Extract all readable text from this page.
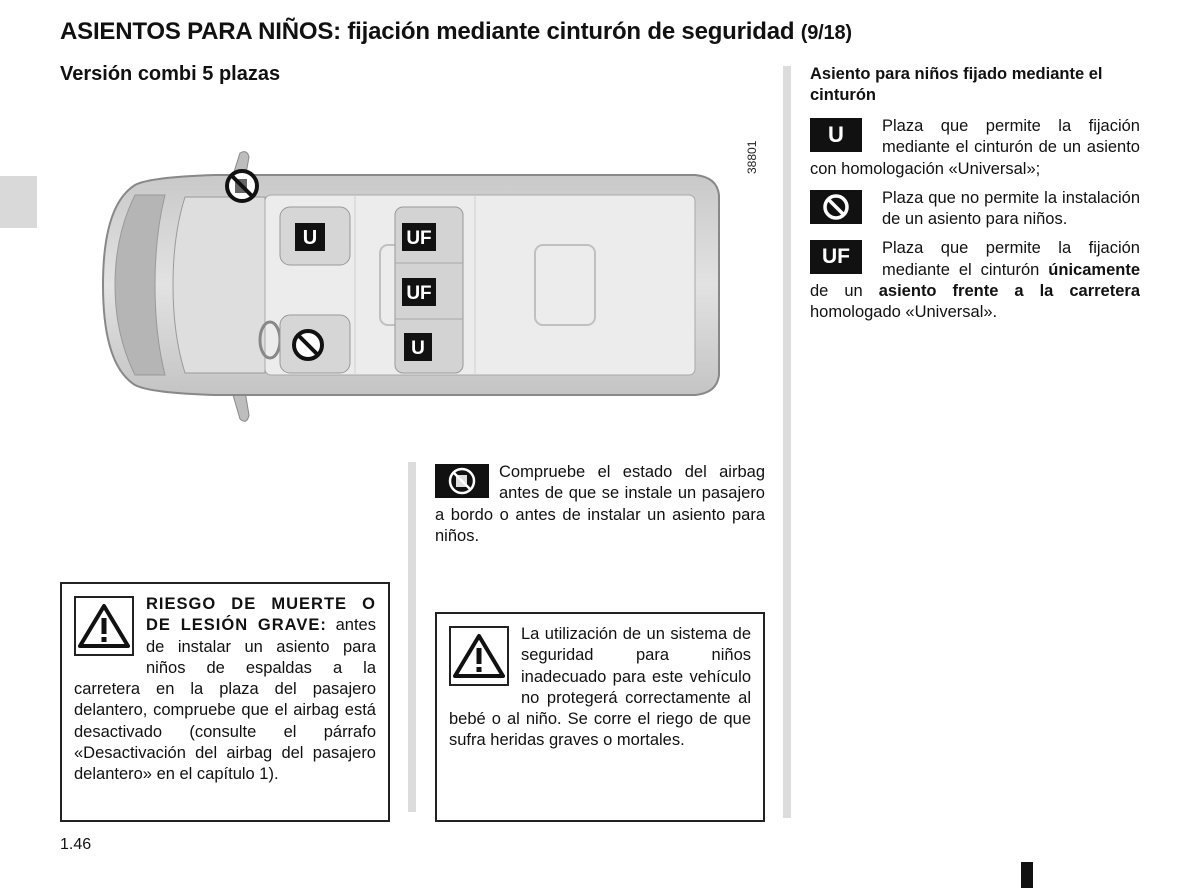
ASIENTOS PARA NIÑOS: fijación mediante cinturón de seguridad (9/18)
Versión combi 5 plazas
U	UF
UF
U
38801

Compruebe el estado del airbag antes de que se instale un pasajero a bordo o antes de instalar un asiento para niños.

RIESGO DE MUERTE O DE LESIÓN GRAVE: antes de instalar un asiento para niños de espaldas a la carretera en la plaza del pasajero delantero, compruebe que el airbag está desactivado (consulte el párrafo «Desactivación del airbag del pasajero delantero» en el capítulo 1).

La utilización de un sistema de seguridad para niños inadecuado para este vehículo no protegerá correctamente al bebé o al niño. Se corre el riego de que sufra heridas graves o mortales.

Asiento para niños fijado mediante el cinturón
U	Plaza que permite la fijación mediante el cinturón de un asiento con homologación «Universal»;

Plaza que no permite la instalación de un asiento para niños.

UF	Plaza que permite la fijación mediante el cinturón únicamente de un asiento frente a la carretera homologado «Universal».

1.46
